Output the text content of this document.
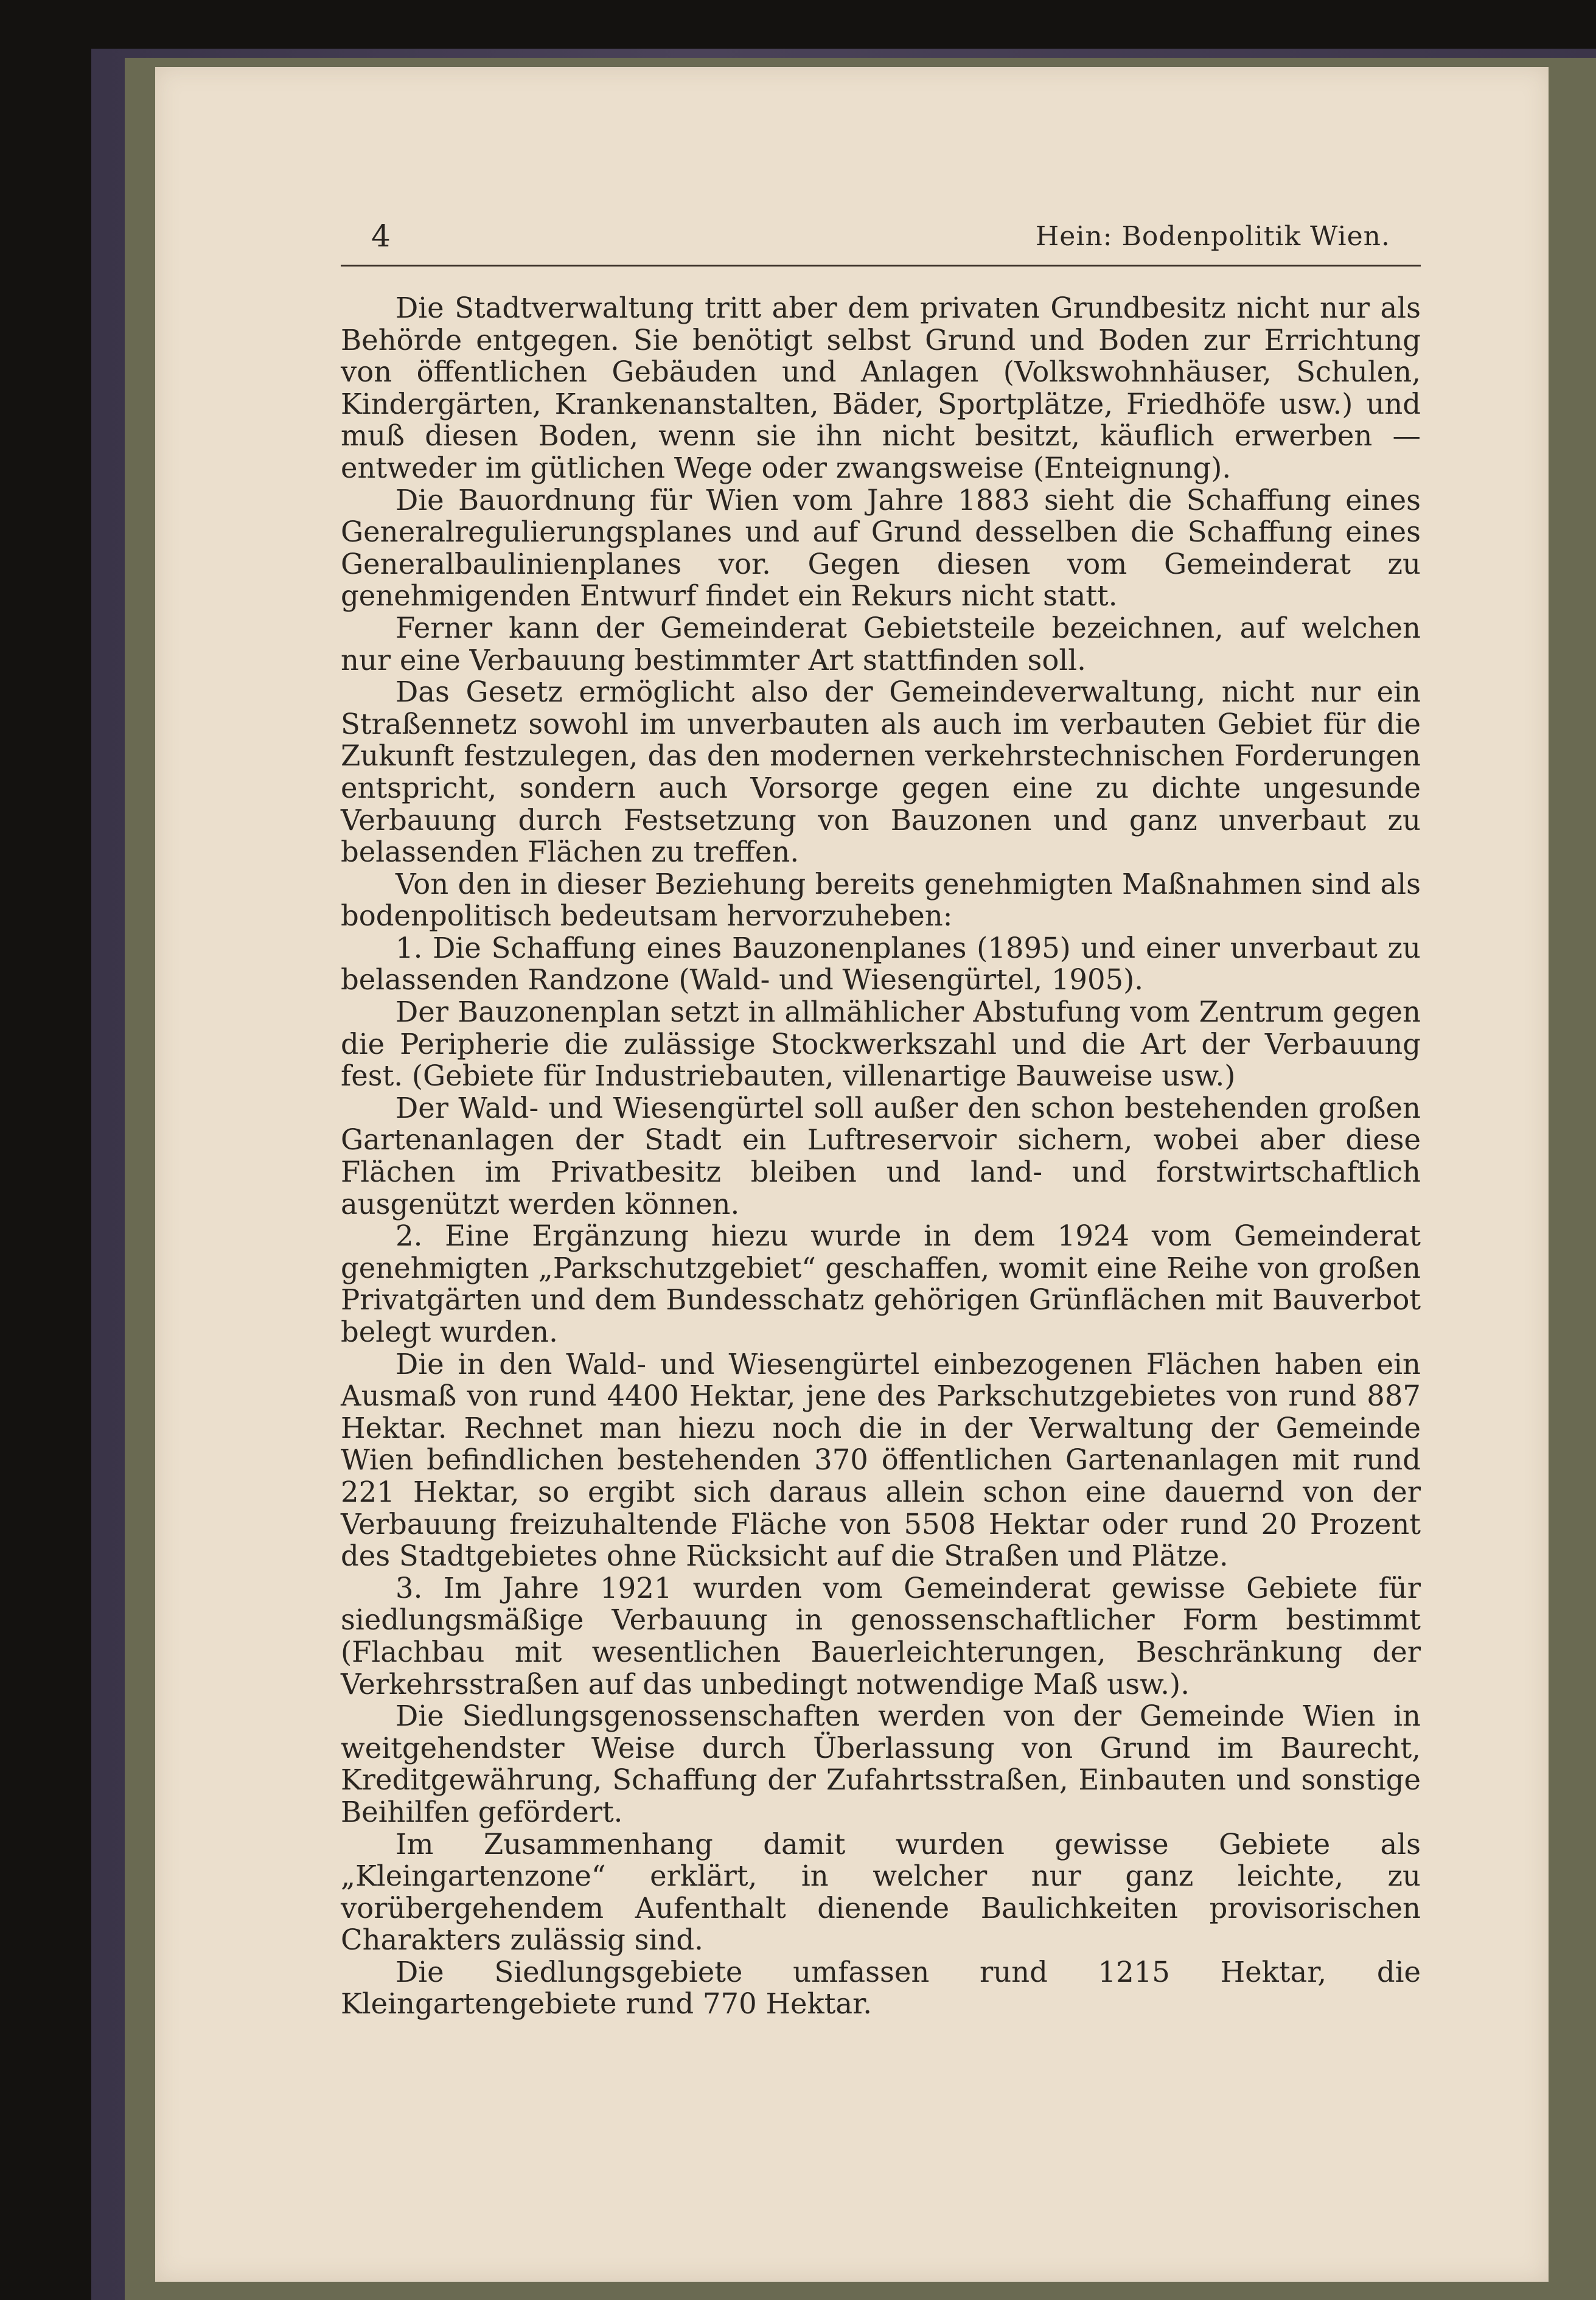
4	Hein: Bodenpolitik Wien.

Die Stadtverwaltung tritt aber dem privaten Grundbesitz nicht nur als Behörde entgegen. Sie benötigt selbst Grund und Boden zur Errichtung von öffentlichen Gebäuden und Anlagen (Volkswohnhäuser, Schulen, Kindergärten, Krankenanstalten, Bäder, Sportplätze, Friedhöfe usw.) und muß diesen Boden, wenn sie ihn nicht besitzt, käuflich erwerben — entweder im gütlichen Wege oder zwangsweise (Enteignung).

Die Bauordnung für Wien vom Jahre 1883 sieht die Schaffung eines Generalregulierungsplanes und auf Grund desselben die Schaffung eines Generalbaulinienplanes vor. Gegen diesen vom Gemeinderat zu genehmigenden Entwurf findet ein Rekurs nicht statt.

Ferner kann der Gemeinderat Gebietsteile bezeichnen, auf welchen nur eine Verbauung bestimmter Art stattfinden soll.

Das Gesetz ermöglicht also der Gemeindeverwaltung, nicht nur ein Straßennetz sowohl im unverbauten als auch im verbauten Gebiet für die Zukunft festzulegen, das den modernen verkehrstechnischen Forderungen entspricht, sondern auch Vorsorge gegen eine zu dichte ungesunde Verbauung durch Festsetzung von Bauzonen und ganz unverbaut zu belassenden Flächen zu treffen.

Von den in dieser Beziehung bereits genehmigten Maßnahmen sind als bodenpolitisch bedeutsam hervorzuheben:

1. Die Schaffung eines Bauzonenplanes (1895) und einer unverbaut zu belassenden Randzone (Wald- und Wiesengürtel, 1905).

Der Bauzonenplan setzt in allmählicher Abstufung vom Zentrum gegen die Peripherie die zulässige Stockwerkszahl und die Art der Verbauung fest. (Gebiete für Industriebauten, villenartige Bauweise usw.)

Der Wald- und Wiesengürtel soll außer den schon bestehenden großen Gartenanlagen der Stadt ein Luftreservoir sichern, wobei aber diese Flächen im Privatbesitz bleiben und land- und forstwirtschaftlich ausgenützt werden können.

2. Eine Ergänzung hiezu wurde in dem 1924 vom Gemeinderat genehmigten „Parkschutzgebiet“ geschaffen, womit eine Reihe von großen Privatgärten und dem Bundesschatz gehörigen Grünflächen mit Bauverbot belegt wurden.

Die in den Wald- und Wiesengürtel einbezogenen Flächen haben ein Ausmaß von rund 4400 Hektar, jene des Parkschutzgebietes von rund 887 Hektar. Rechnet man hiezu noch die in der Verwaltung der Gemeinde Wien befindlichen bestehenden 370 öffentlichen Gartenanlagen mit rund 221 Hektar, so ergibt sich daraus allein schon eine dauernd von der Verbauung freizuhaltende Fläche von 5508 Hektar oder rund 20 Prozent des Stadtgebietes ohne Rücksicht auf die Straßen und Plätze.

3. Im Jahre 1921 wurden vom Gemeinderat gewisse Gebiete für siedlungsmäßige Verbauung in genossenschaftlicher Form bestimmt (Flachbau mit wesentlichen Bauerleichterungen, Beschränkung der Verkehrsstraßen auf das unbedingt notwendige Maß usw.).

Die Siedlungsgenossenschaften werden von der Gemeinde Wien in weitgehendster Weise durch Überlassung von Grund im Baurecht, Kreditgewährung, Schaffung der Zufahrtsstraßen, Einbauten und sonstige Beihilfen gefördert.

Im Zusammenhang damit wurden gewisse Gebiete als „Kleingartenzone“ erklärt, in welcher nur ganz leichte, zu vorübergehendem Aufenthalt dienende Baulichkeiten provisorischen Charakters zulässig sind.

Die Siedlungsgebiete umfassen rund 1215 Hektar, die Kleingartengebiete rund 770 Hektar.
